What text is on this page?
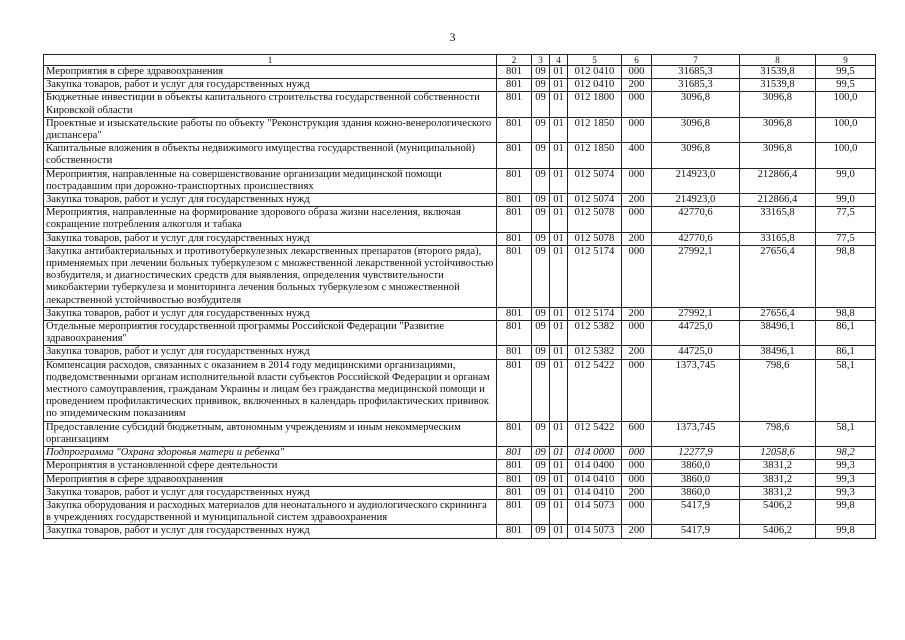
3
1	2	3	4	5	6	7	8	9
Мероприятия в сфере здравоохранения	801	09	01	012 0410	000	31685,3	31539,8	99,5
Закупка товаров, работ и услуг для государственных нужд	801	09	01	012 0410	200	31685,3	31539,8	99,5
Бюджетные инвестиции в объекты капитального строительства государственной собственности Кировской области	801	09	01	012 1800	000	3096,8	3096,8	100,0
Проектные и изыскательские работы по объекту "Реконструкция здания кожно-венерологического диспансера"	801	09	01	012 1850	000	3096,8	3096,8	100,0
Капитальные вложения в объекты недвижимого имущества государственной (муниципальной) собственности	801	09	01	012 1850	400	3096,8	3096,8	100,0
Мероприятия, направленные на совершенствование организации медицинской помощи пострадавшим при дорожно-транспортных происшествиях	801	09	01	012 5074	000	214923,0	212866,4	99,0
Закупка товаров, работ и услуг для государственных нужд	801	09	01	012 5074	200	214923,0	212866,4	99,0
Мероприятия, направленные на формирование здорового образа жизни населения, включая сокращение потребления алкоголя и табака	801	09	01	012 5078	000	42770,6	33165,8	77,5
Закупка товаров, работ и услуг для государственных нужд	801	09	01	012 5078	200	42770,6	33165,8	77,5
Закупка антибактериальных и противотуберкулезных лекарственных препаратов (второго ряда), применяемых при лечении больных туберкулезом с множественной лекарственной устойчивостью возбудителя, и диагностических средств для выявления, определения чувствительности микобактерии туберкулеза и мониторинга лечения больных туберкулезом с множественной лекарственной устойчивостью возбудителя	801	09	01	012 5174	000	27992,1	27656,4	98,8
Закупка товаров, работ и услуг для государственных нужд	801	09	01	012 5174	200	27992,1	27656,4	98,8
Отдельные мероприятия государственной программы Российской Федерации "Развитие здравоохранения"	801	09	01	012 5382	000	44725,0	38496,1	86,1
Закупка товаров, работ и услуг для государственных нужд	801	09	01	012 5382	200	44725,0	38496,1	86,1
Компенсация расходов, связанных с оказанием в 2014 году медицинскими организациями, подведомственными органам исполнительной власти субъектов Российской Федерации и органам местного самоуправления, гражданам Украины и лицам без гражданства медицинской помощи и проведением профилактических прививок, включенных в календарь профилактических прививок по эпидемическим показаниям	801	09	01	012 5422	000	1373,745	798,6	58,1
Предоставление субсидий бюджетным, автономным учреждениям и иным некоммерческим организациям	801	09	01	012 5422	600	1373,745	798,6	58,1
Подпрограмма "Охрана здоровья матери и ребенка"	801	09	01	014 0000	000	12277,9	12058,6	98,2
Мероприятия в установленной сфере деятельности	801	09	01	014 0400	000	3860,0	3831,2	99,3
Мероприятия в сфере здравоохранения	801	09	01	014 0410	000	3860,0	3831,2	99,3
Закупка товаров, работ и услуг для государственных нужд	801	09	01	014 0410	200	3860,0	3831,2	99,3
Закупка оборудования и расходных материалов для неонатального и аудиологического скрининга в учреждениях государственной и муниципальной систем здравоохранения	801	09	01	014 5073	000	5417,9	5406,2	99,8
Закупка товаров, работ и услуг для государственных нужд	801	09	01	014 5073	200	5417,9	5406,2	99,8
